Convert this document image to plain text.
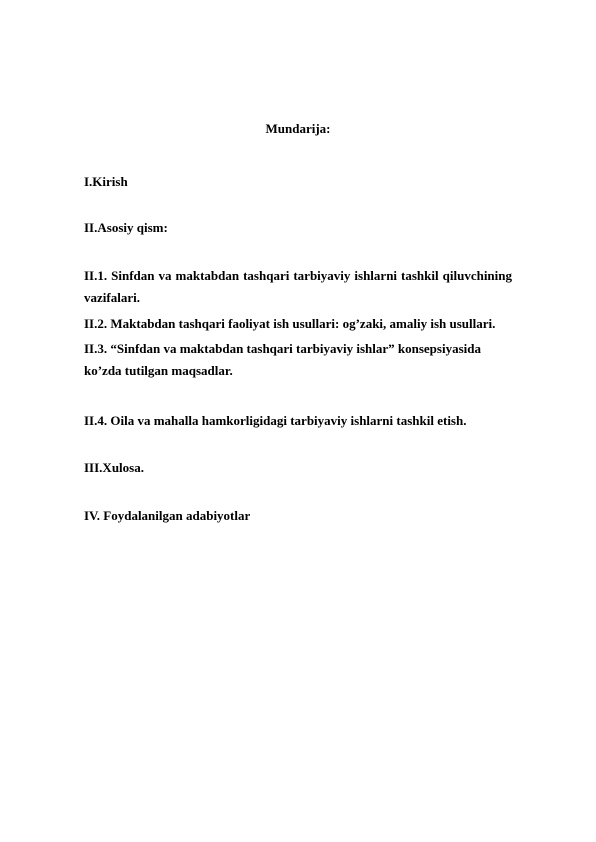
Mundarija:
I.Kirish
II.Asosiy qism:
II.1. Sinfdan va maktabdan tashqari tarbiyaviy ishlarni tashkil qiluvchining
vazifalari.
II.2. Maktabdan tashqari faoliyat ish usullari: og’zaki, amaliy ish usullari.
II.3. “Sinfdan va maktabdan tashqari tarbiyaviy ishlar” konsepsiyasida
ko’zda tutilgan maqsadlar.
II.4. Oila va mahalla hamkorligidagi tarbiyaviy ishlarni tashkil etish.
III.Xulosa.
IV. Foydalanilgan adabiyotlar
